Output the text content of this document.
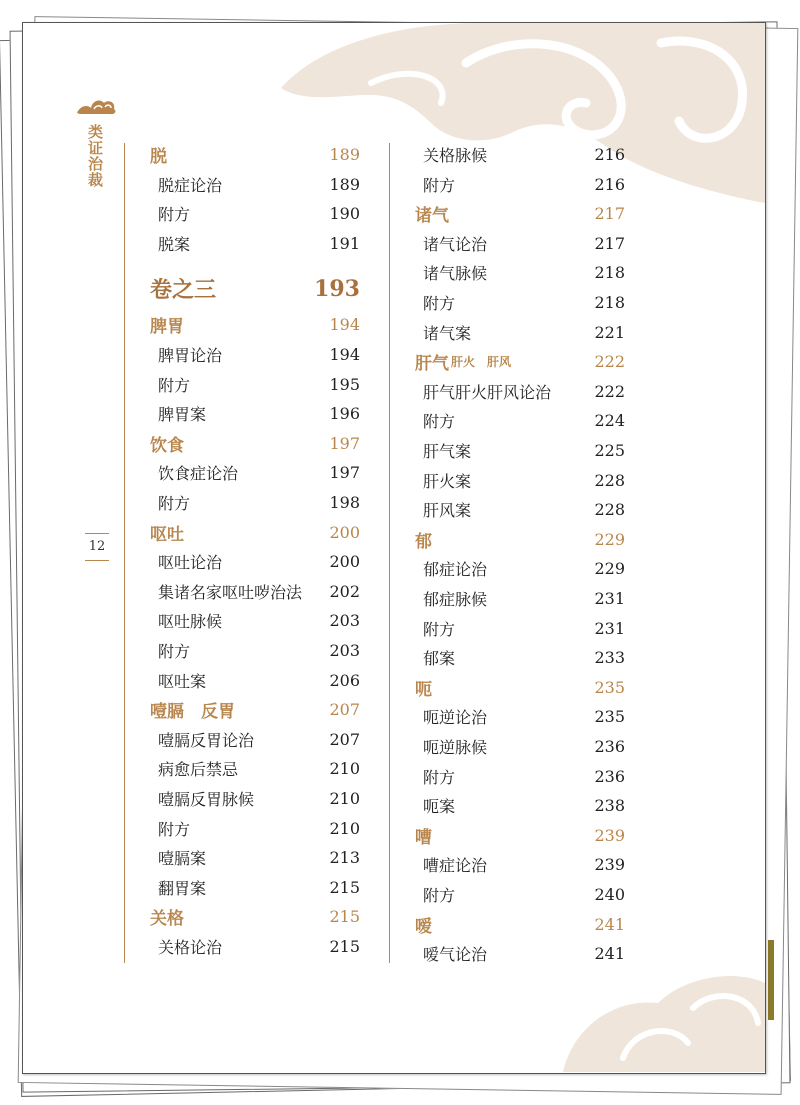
类证治裁
12
脱	189
脱症论治	189
附方	190
脱案	191
卷之三	193
脾胃	194
脾胃论治	194
附方	195
脾胃案	196
饮食	197
饮食症论治	197
附方	198
呕吐	200
呕吐论治	200
集诸名家呕吐哕治法 202
呕吐脉候	203
附方	203
呕吐案	206
噎膈　反胃	207
噎膈反胃论治	207
病愈后禁忌	210
噎膈反胃脉候	210
附方	210
噎膈案	213
翻胃案	215
关格	215
关格论治	215
关格脉候	216
附方	216
诸气	217
诸气论治	217
诸气脉候	218
附方	218
诸气案	221
肝气 肝火　肝风	222
肝气肝火肝风论治	222
附方	224
肝气案	225
肝火案	228
肝风案	228
郁	229
郁症论治	229
郁症脉候	231
附方	231
郁案	233
呃	235
呃逆论治	235
呃逆脉候	236
附方	236
呃案	238
嘈	239
嘈症论治	239
附方	240
嗳	241
嗳气论治	241
